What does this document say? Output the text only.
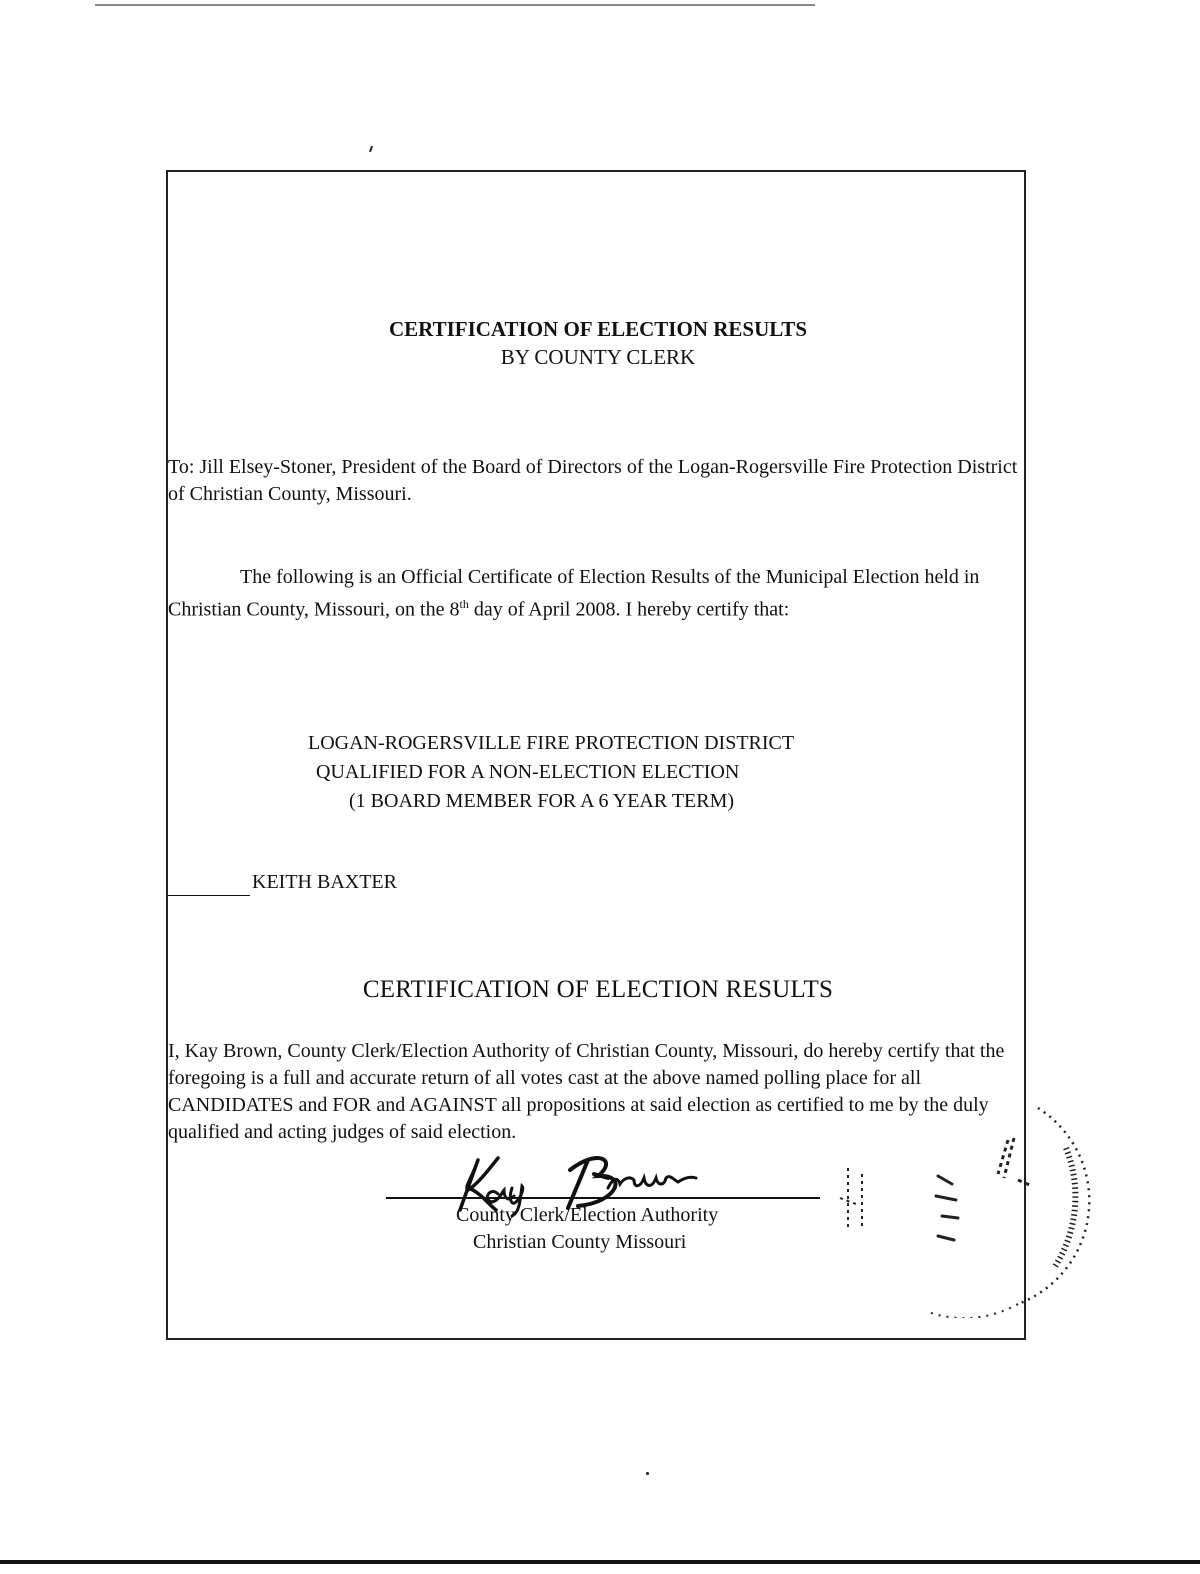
CERTIFICATION OF ELECTION RESULTS
BY COUNTY CLERK

To: Jill Elsey-Stoner, President of the Board of Directors of the Logan-Rogersville Fire Protection District of Christian County, Missouri.

The following is an Official Certificate of Election Results of the Municipal Election held in Christian County, Missouri, on the 8th day of April 2008. I hereby certify that:

LOGAN-ROGERSVILLE FIRE PROTECTION DISTRICT
QUALIFIED FOR A NON-ELECTION ELECTION
(1 BOARD MEMBER FOR A 6 YEAR TERM)
KEITH BAXTER
CERTIFICATION OF ELECTION RESULTS

I, Kay Brown, County Clerk/Election Authority of Christian County, Missouri, do hereby certify that the foregoing is a full and accurate return of all votes cast at the above named polling place for all CANDIDATES and FOR and AGAINST all propositions at said election as certified to me by the duly qualified and acting judges of said election.

County Clerk/Election Authority
Christian County Missouri
